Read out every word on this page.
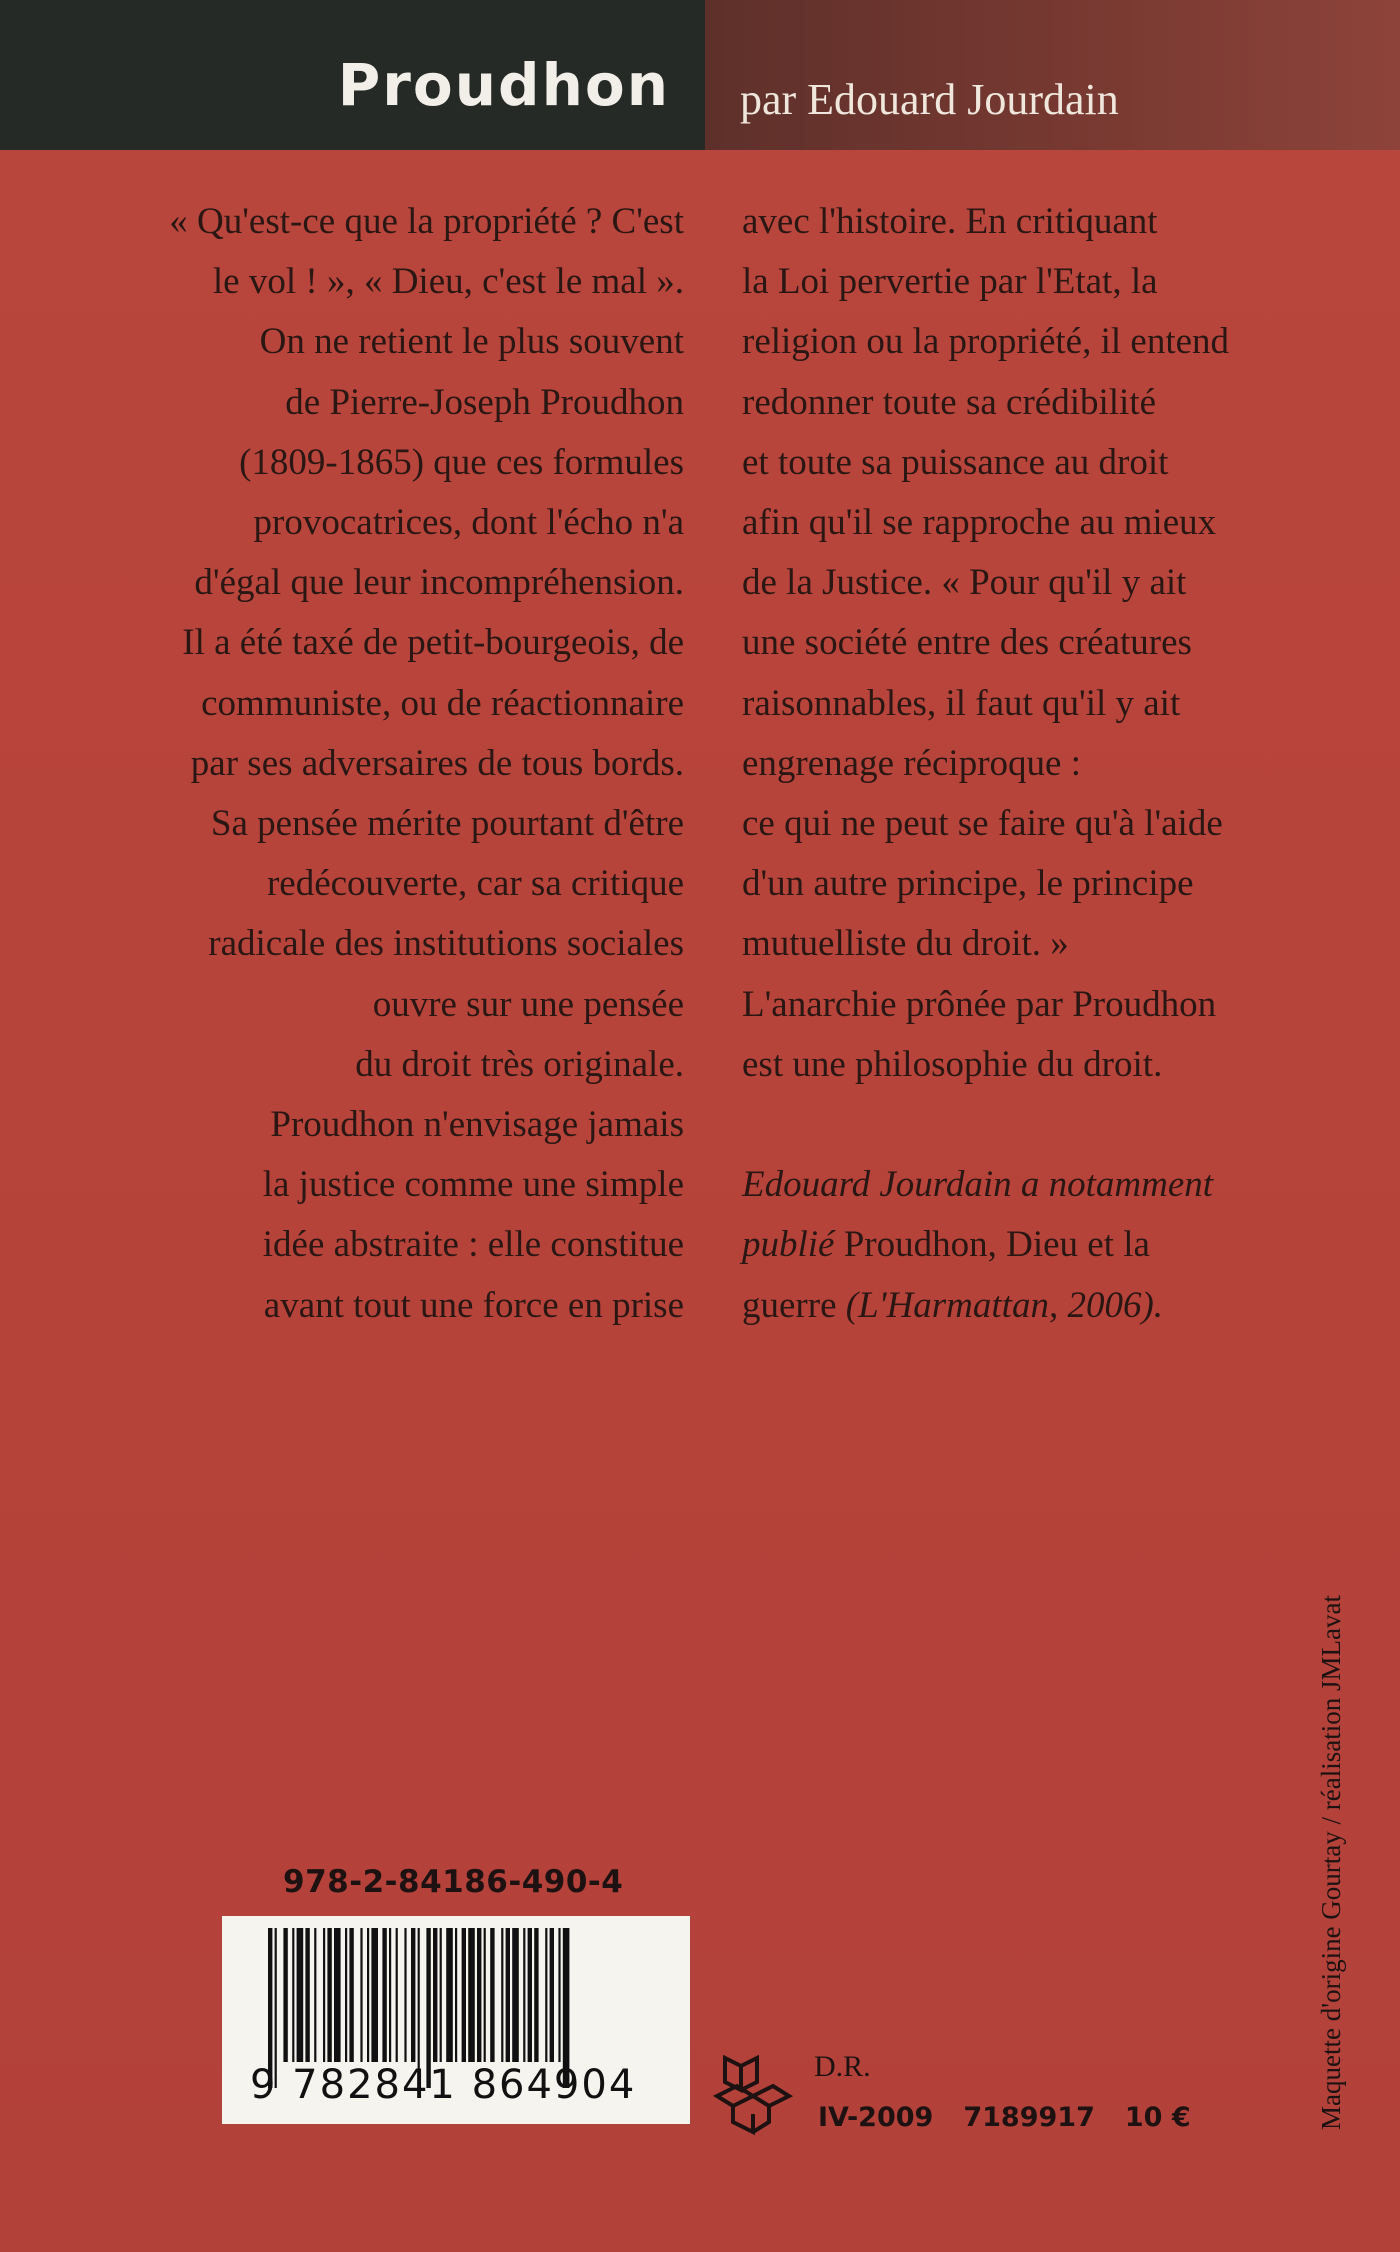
Proudhon par Edouard Jourdain
« Qu'est-ce que la propriété ? C'est
le vol ! », « Dieu, c'est le mal ».
On ne retient le plus souvent
de Pierre-Joseph Proudhon
(1809-1865) que ces formules
provocatrices, dont l'écho n'a
d'égal que leur incompréhension.
Il a été taxé de petit-bourgeois, de
communiste, ou de réactionnaire
par ses adversaires de tous bords.
Sa pensée mérite pourtant d'être
redécouverte, car sa critique
radicale des institutions sociales
ouvre sur une pensée
du droit très originale.
Proudhon n'envisage jamais
la justice comme une simple
idée abstraite : elle constitue
avant tout une force en prise
avec l'histoire. En critiquant
la Loi pervertie par l'Etat, la
religion ou la propriété, il entend
redonner toute sa crédibilité
et toute sa puissance au droit
afin qu'il se rapproche au mieux
de la Justice. « Pour qu'il y ait
une société entre des créatures
raisonnables, il faut qu'il y ait
engrenage réciproque :
ce qui ne peut se faire qu'à l'aide
d'un autre principe, le principe
mutuelliste du droit. »
L'anarchie prônée par Proudhon
est une philosophie du droit.
Edouard Jourdain a notamment
publié Proudhon, Dieu et la
guerre (L'Harmattan, 2006).
978-2-84186-490-4
9 782841 864904	D.R.
IV-2009 7189917 10 €	Maquette d'origine Gourtay / réalisation JMLavat
